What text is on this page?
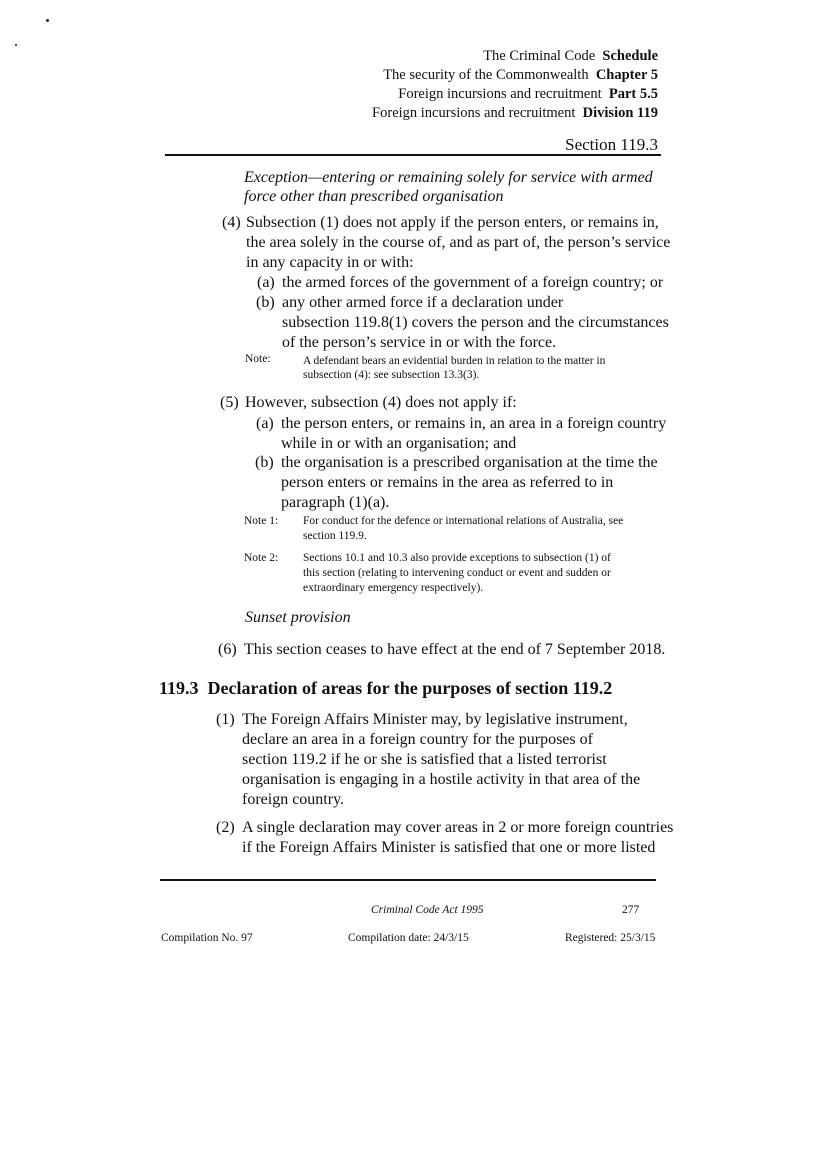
The Criminal Code Schedule
The security of the Commonwealth Chapter 5
Foreign incursions and recruitment Part 5.5
Foreign incursions and recruitment Division 119
Section 119.3
Exception—entering or remaining solely for service with armed
force other than prescribed organisation
(4) Subsection (1) does not apply if the person enters, or remains in,
the area solely in the course of, and as part of, the person’s service
in any capacity in or with:
(a) the armed forces of the government of a foreign country; or
(b) any other armed force if a declaration under
subsection 119.8(1) covers the person and the circumstances
of the person’s service in or with the force.
Note:	A defendant bears an evidential burden in relation to the matter in
subsection (4): see subsection 13.3(3).
(5) However, subsection (4) does not apply if:
(a) the person enters, or remains in, an area in a foreign country
while in or with an organisation; and
(b) the organisation is a prescribed organisation at the time the
person enters or remains in the area as referred to in
paragraph (1)(a).
Note 1: For conduct for the defence or international relations of Australia, see
section 119.9.
Note 2: Sections 10.1 and 10.3 also provide exceptions to subsection (1) of
this section (relating to intervening conduct or event and sudden or
extraordinary emergency respectively).
Sunset provision
(6) This section ceases to have effect at the end of 7 September 2018.
119.3 Declaration of areas for the purposes of section 119.2
(1) The Foreign Affairs Minister may, by legislative instrument,
declare an area in a foreign country for the purposes of
section 119.2 if he or she is satisfied that a listed terrorist
organisation is engaging in a hostile activity in that area of the
foreign country.
(2) A single declaration may cover areas in 2 or more foreign countries
if the Foreign Affairs Minister is satisfied that one or more listed
Criminal Code Act 1995	277
Compilation No. 97	Compilation date: 24/3/15	Registered: 25/3/15
